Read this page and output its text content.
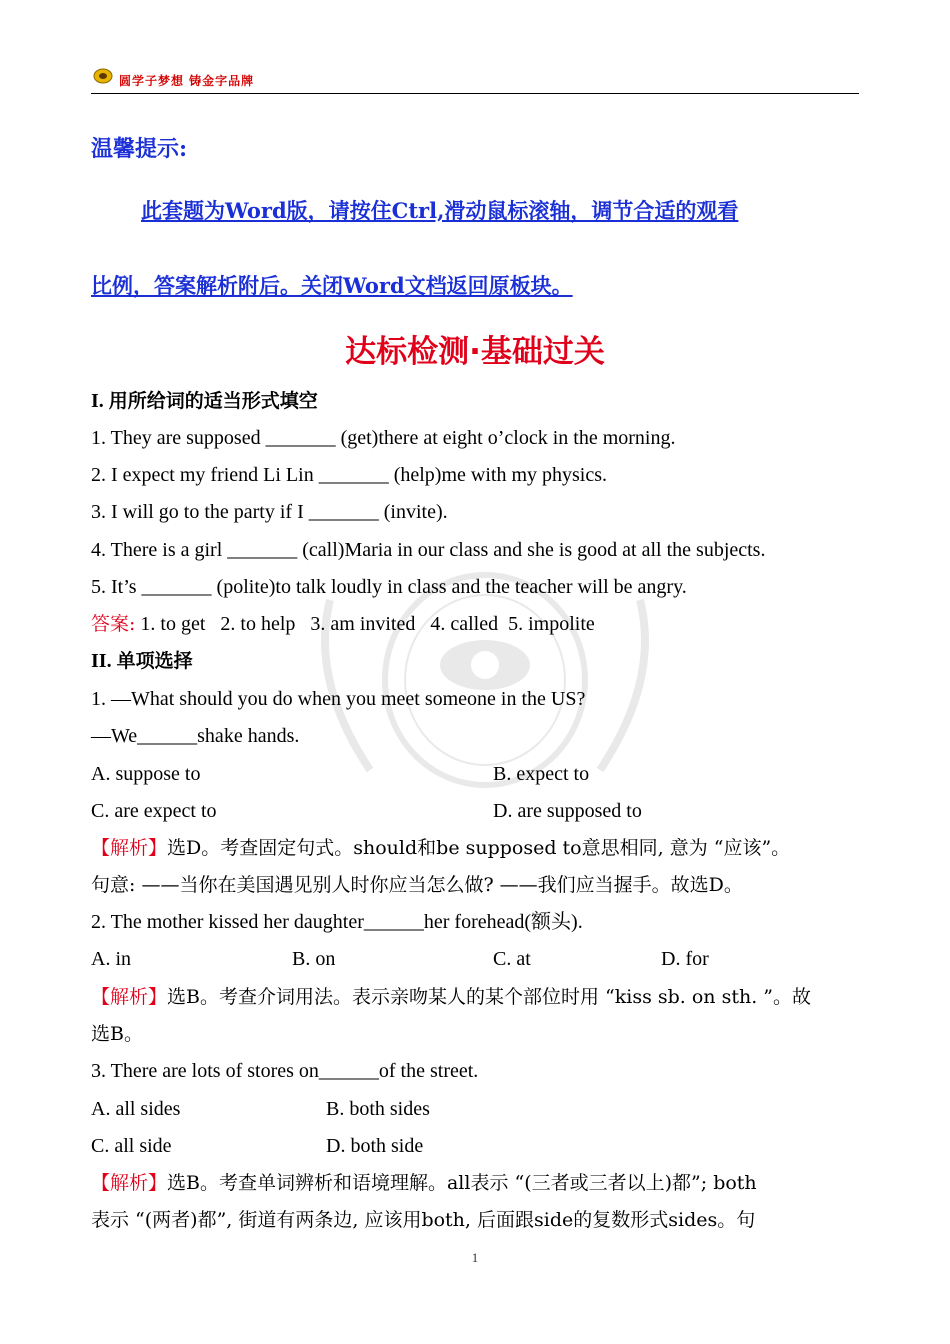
圆学子梦想 铸金字品牌
温馨提示:
此套题为Word版，请按住Ctrl,滑动鼠标滚轴，调节合适的观看
比例，答案解析附后。关闭Word文档返回原板块。
达标检测·基础过关
I. 用所给词的适当形式填空
1. They are supposed _______ (get)there at eight o’clock in the morning.
2. I expect my friend Li Lin _______ (help)me with my physics.
3. I will go to the party if I _______ (invite).
4. There is a girl _______ (call)Maria in our class and she is good at all the subjects.
5. It’s _______ (polite)to talk loudly in class and the teacher will be angry.
答案: 1. to get   2. to help   3. am invited   4. called  5. impolite
II. 单项选择
1. —What should you do when you meet someone in the US?
—We______shake hands.
A. suppose to	B. expect to
C. are expect to	D. are supposed to
【解析】选D。考查固定句式。should和be supposed to意思相同, 意为 “应该”。
句意: ——当你在美国遇见别人时你应当怎么做? ——我们应当握手。故选D。
2. The mother kissed her daughter______her forehead(额头).
A. in	B. on	C. at	D. for
【解析】选B。考查介词用法。表示亲吻某人的某个部位时用 “kiss sb. on sth. ”。故
选B。
3. There are lots of stores on______of the street.
A. all sides	B. both sides
C. all side	D. both side
【解析】选B。考查单词辨析和语境理解。all表示 “(三者或三者以上)都”; both
表示 “(两者)都”, 街道有两条边, 应该用both, 后面跟side的复数形式sides。句
1
